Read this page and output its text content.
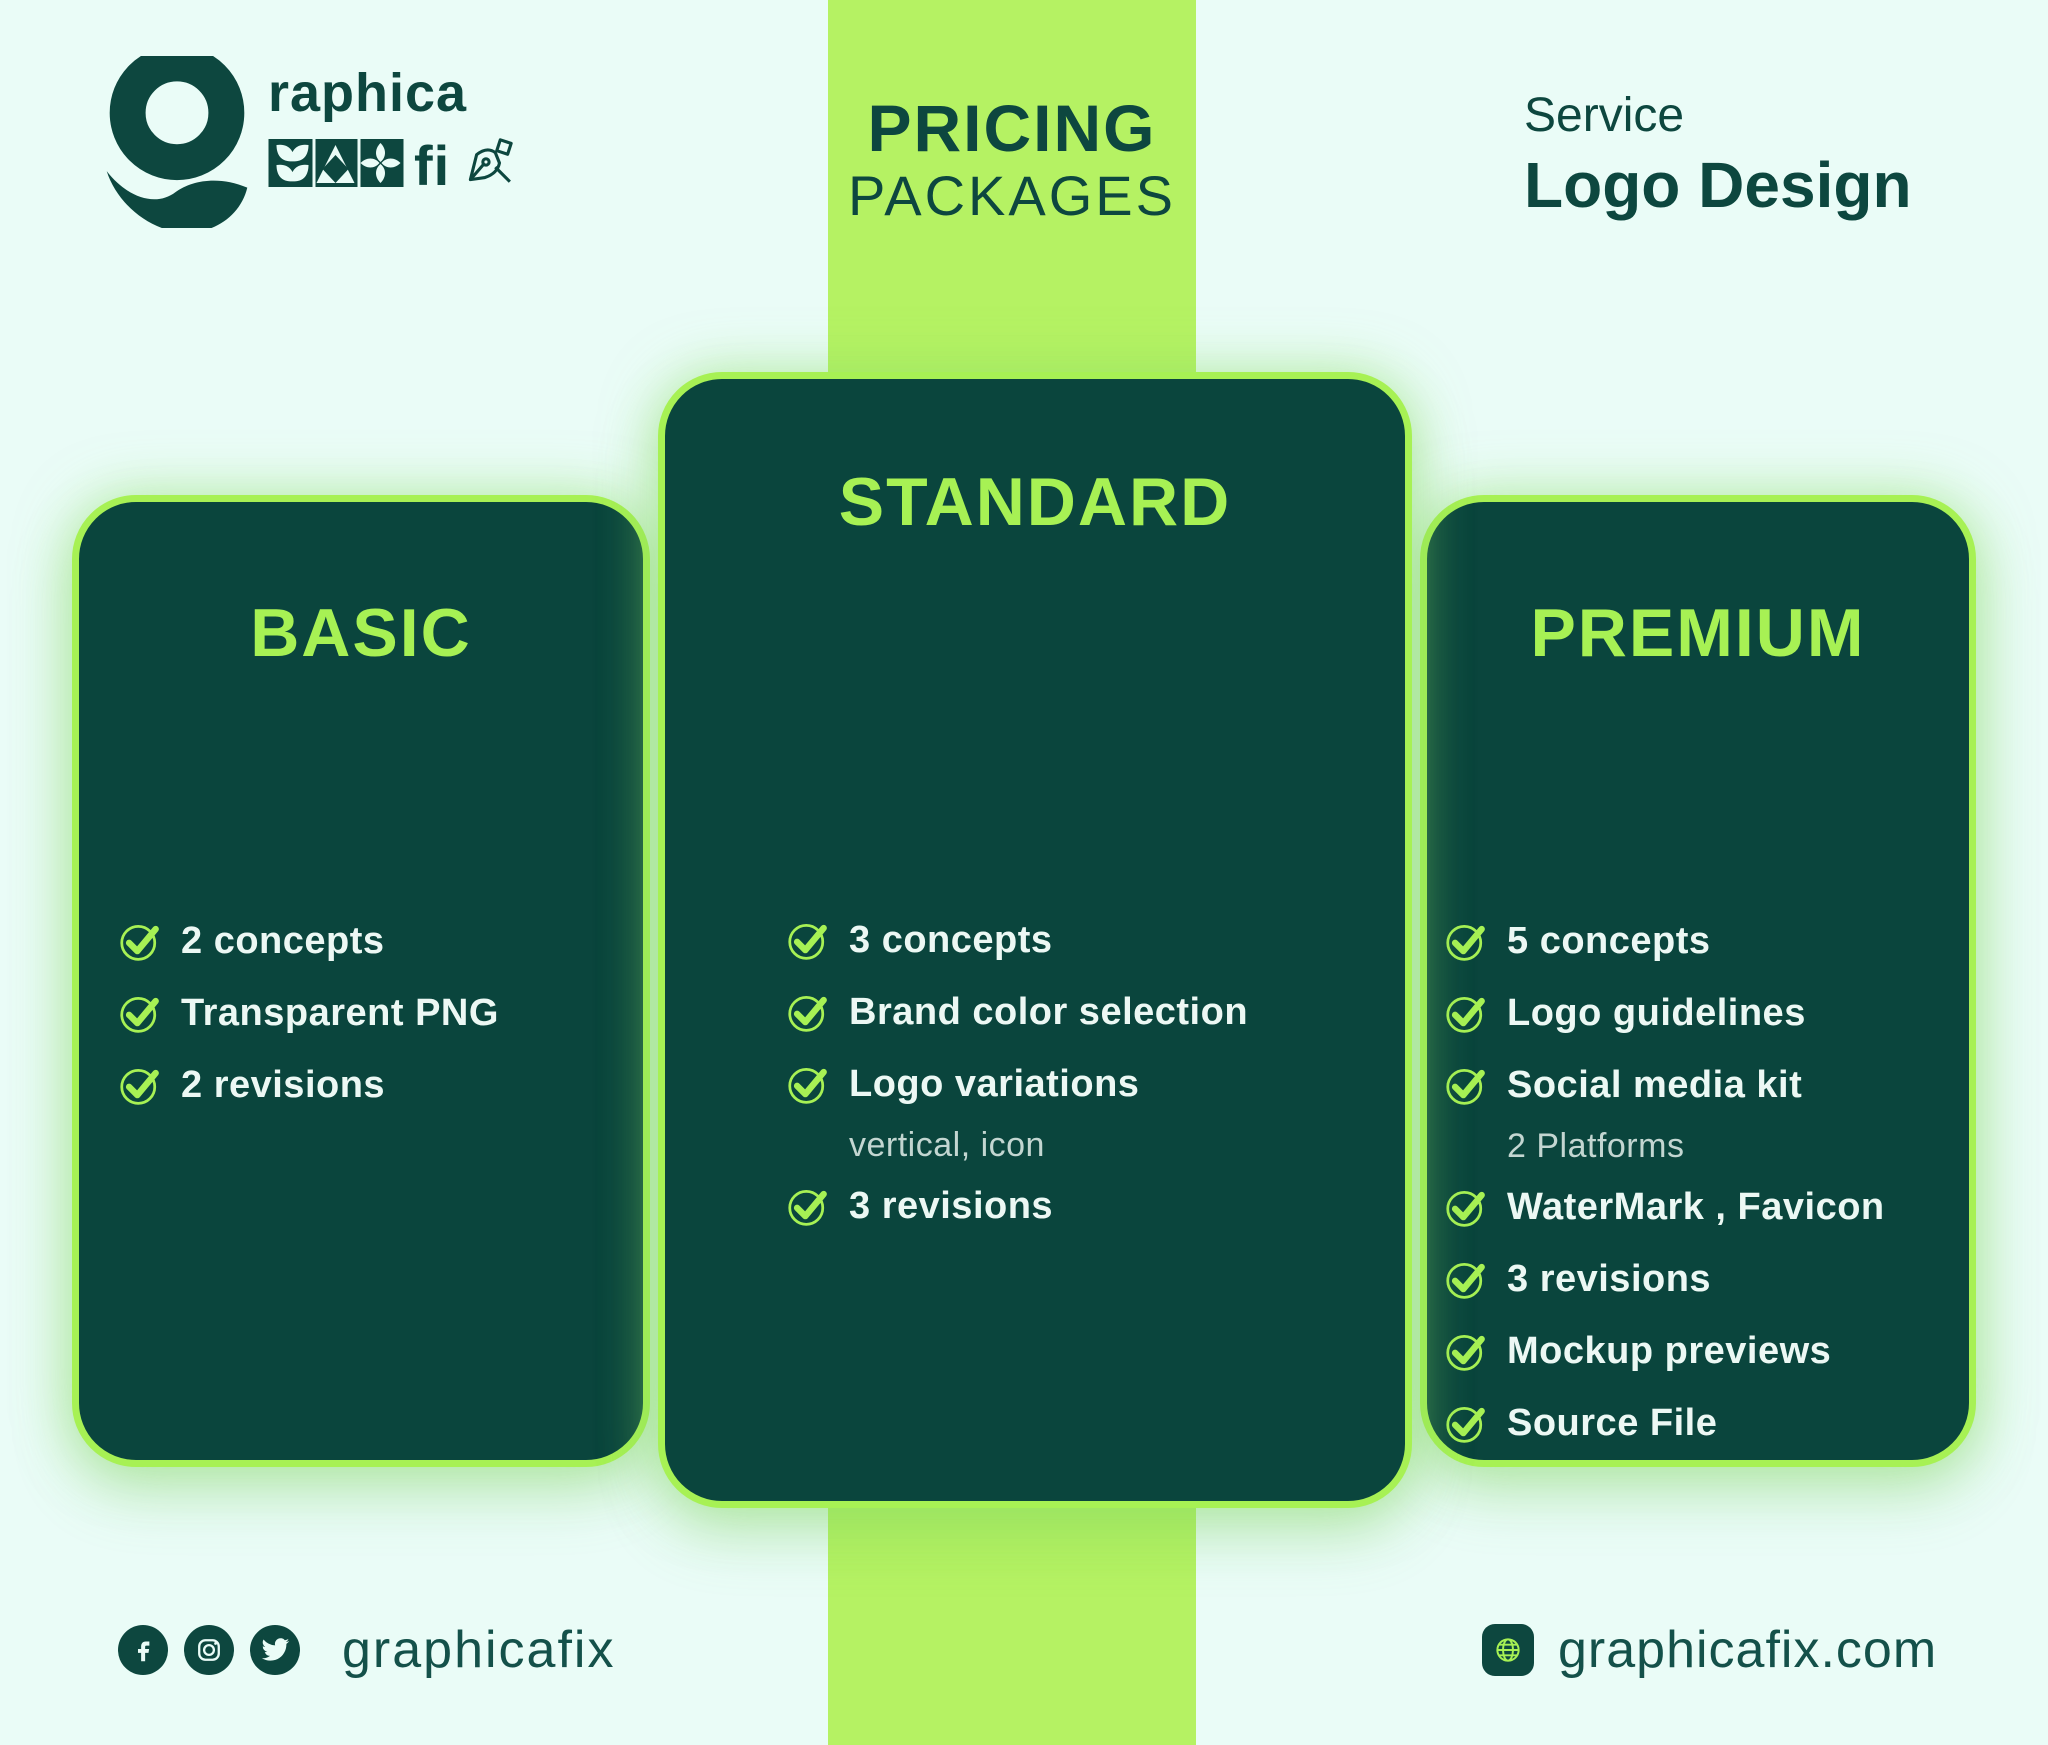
raphica
fi	PRICING
PACKAGES
Service
Logo Design
BASIC
2 concepts
Transparent PNG
2 revisions
STANDARD
3 concepts
Brand color selection
Logo variations
vertical, icon
3 revisions
PREMIUM
5 concepts
Logo guidelines
Social media kit
2 Platforms
WaterMark , Favicon
3 revisions
Mockup previews
Source File
graphicafix	graphicafix.com
